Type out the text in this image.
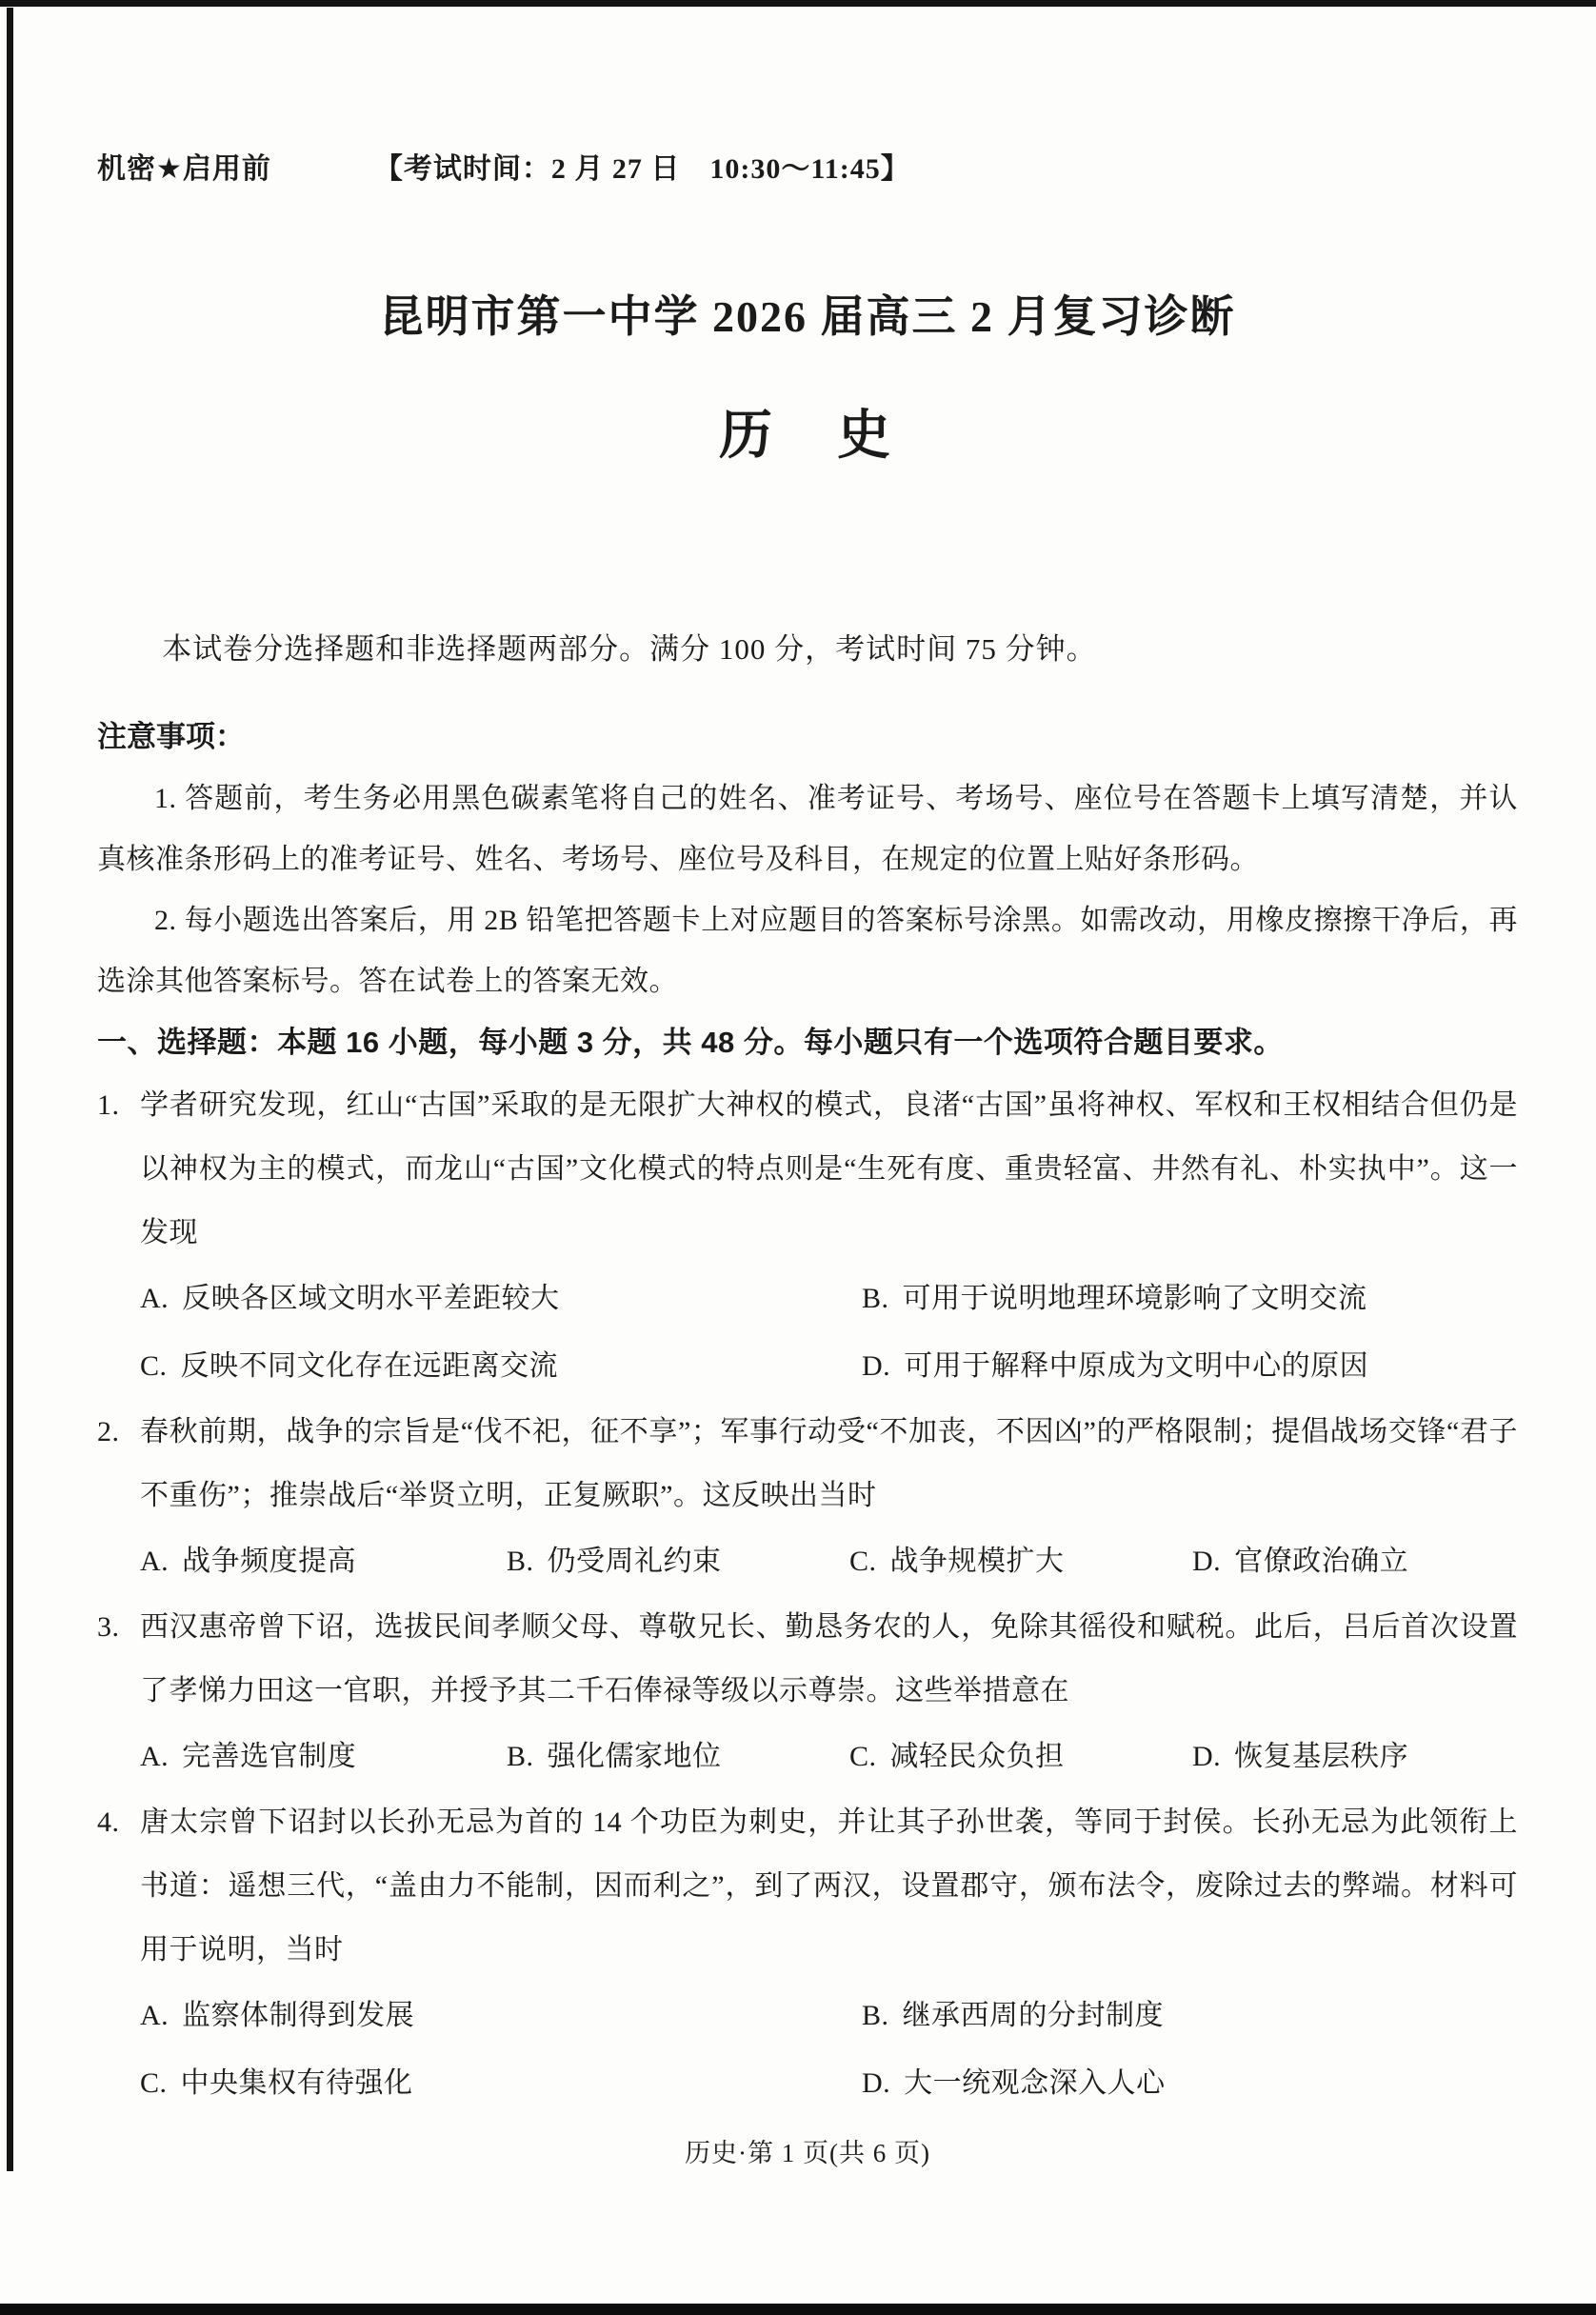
机密★启用前	【考试时间：2 月 27 日　10:30～11:45】
昆明市第一中学 2026 届高三 2 月复习诊断
历　史
本试卷分选择题和非选择题两部分。满分 100 分，考试时间 75 分钟。
注意事项：
1. 答题前，考生务必用黑色碳素笔将自己的姓名、准考证号、考场号、座位号在答题卡上填写清楚，并认真核准条形码上的准考证号、姓名、考场号、座位号及科目，在规定的位置上贴好条形码。
2. 每小题选出答案后，用 2B 铅笔把答题卡上对应题目的答案标号涂黑。如需改动，用橡皮擦擦干净后，再选涂其他答案标号。答在试卷上的答案无效。
一、选择题：本题 16 小题，每小题 3 分，共 48 分。每小题只有一个选项符合题目要求。

1. 学者研究发现，红山“古国”采取的是无限扩大神权的模式，良渚“古国”虽将神权、军权和王权相结合但仍是以神权为主的模式，而龙山“古国”文化模式的特点则是“生死有度、重贵轻富、井然有礼、朴实执中”。这一发现

A. 反映各区域文明水平差距较大	B. 可用于说明地理环境影响了文明交流
C. 反映不同文化存在远距离交流	D. 可用于解释中原成为文明中心的原因

2. 春秋前期，战争的宗旨是“伐不祀，征不享”；军事行动受“不加丧，不因凶”的严格限制；提倡战场交锋“君子不重伤”；推崇战后“举贤立明，正复厥职”。这反映出当时

A. 战争频度提高	B. 仍受周礼约束	C. 战争规模扩大	D. 官僚政治确立

3. 西汉惠帝曾下诏，选拔民间孝顺父母、尊敬兄长、勤恳务农的人，免除其徭役和赋税。此后，吕后首次设置了孝悌力田这一官职，并授予其二千石俸禄等级以示尊崇。这些举措意在

A. 完善选官制度	B. 强化儒家地位	C. 减轻民众负担	D. 恢复基层秩序

4. 唐太宗曾下诏封以长孙无忌为首的 14 个功臣为刺史，并让其子孙世袭，等同于封侯。长孙无忌为此领衔上书道：遥想三代，“盖由力不能制，因而利之”，到了两汉，设置郡守，颁布法令，废除过去的弊端。材料可用于说明，当时

A. 监察体制得到发展	B. 继承西周的分封制度
C. 中央集权有待强化	D. 大一统观念深入人心
历史·第 1 页(共 6 页)
